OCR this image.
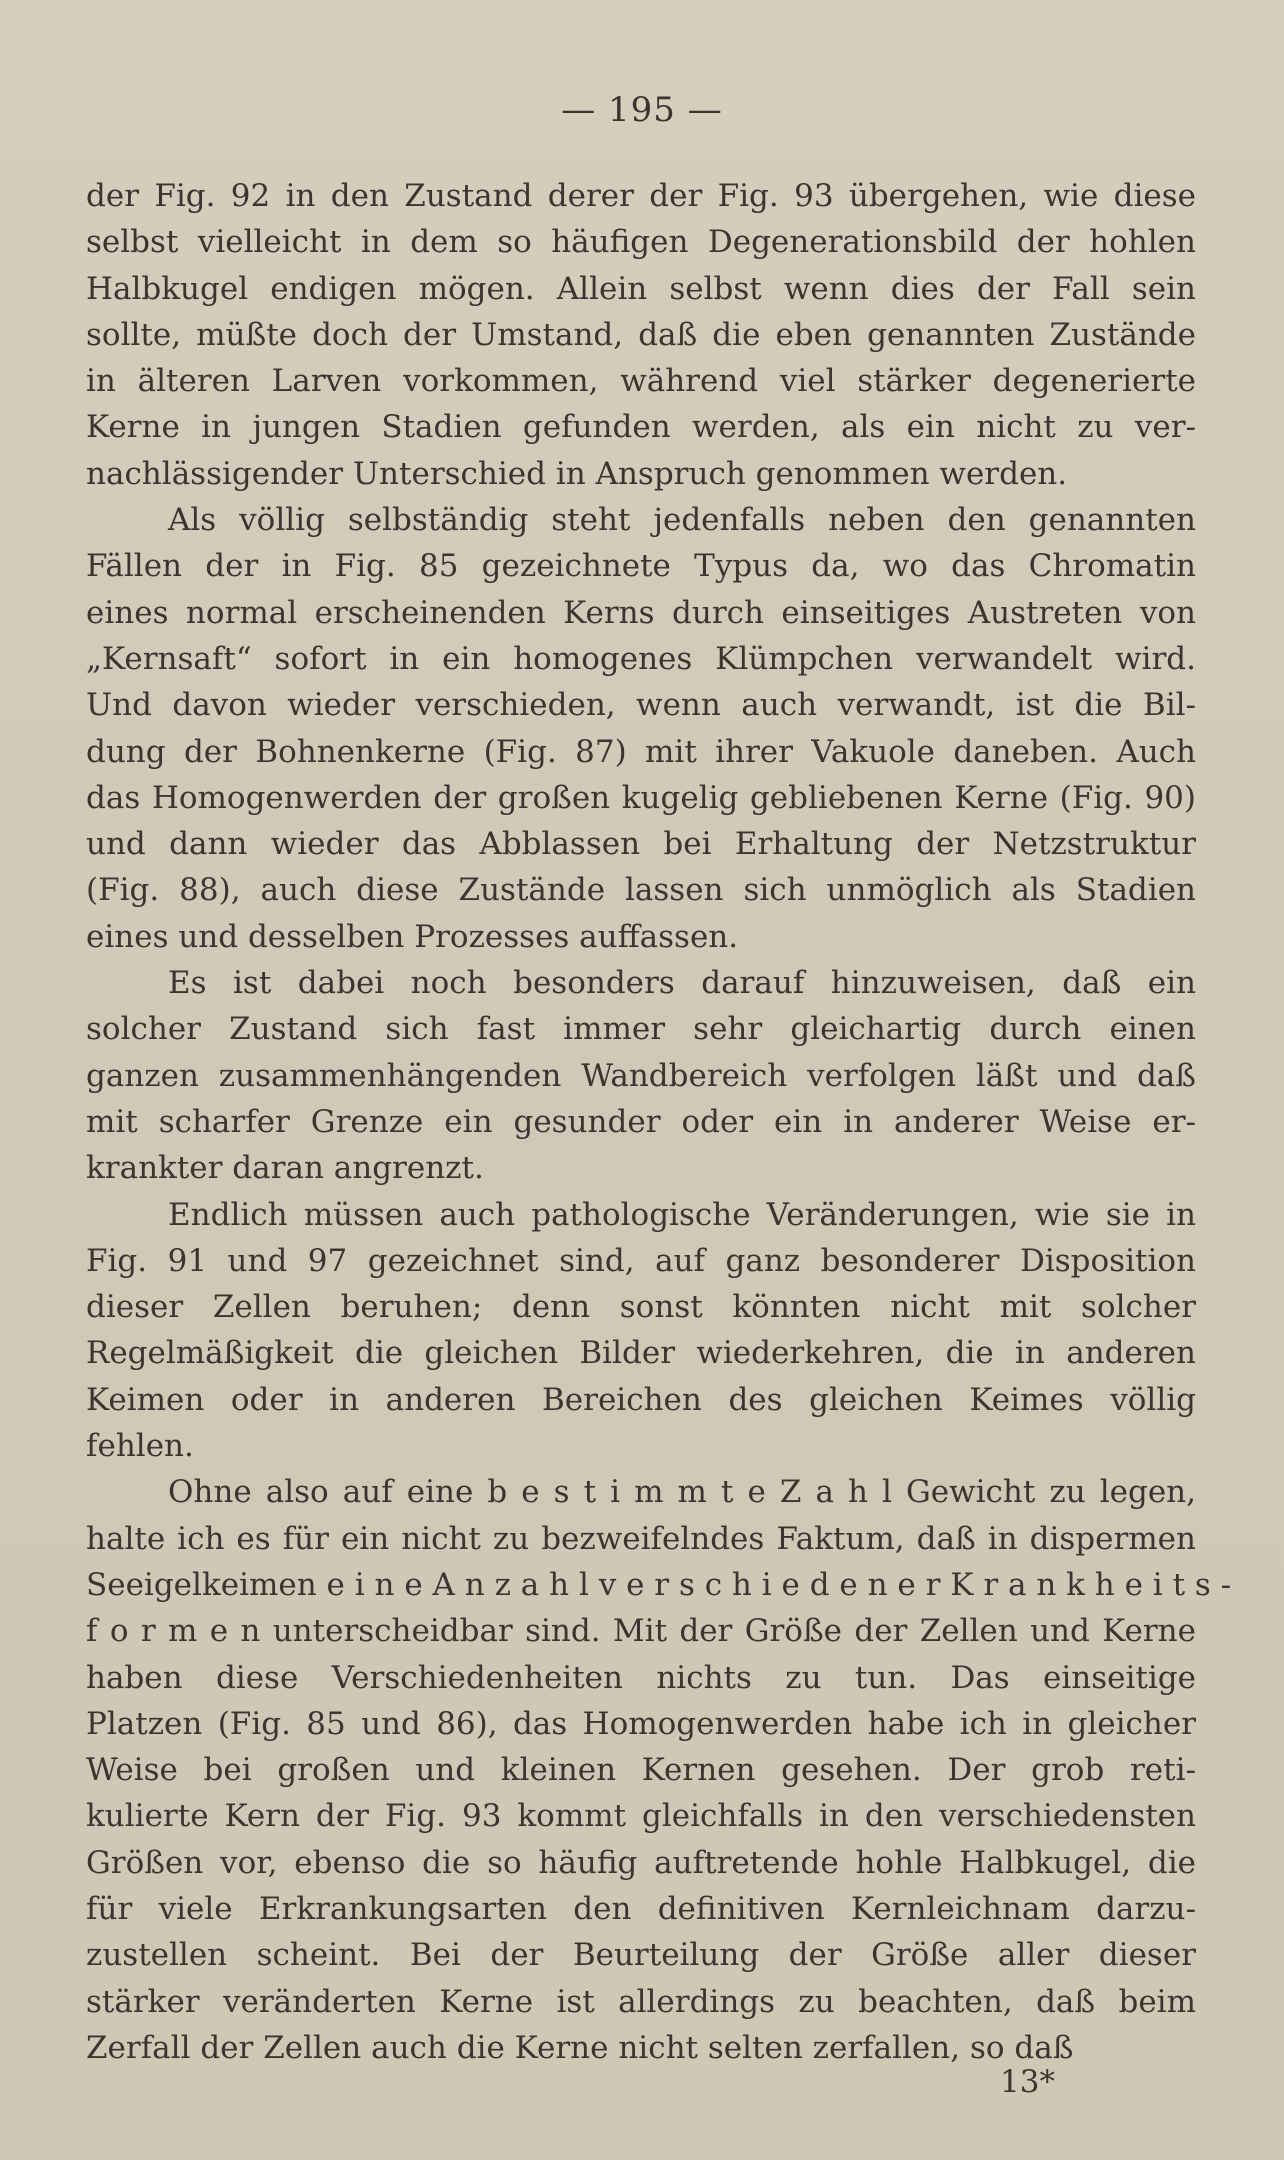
— 195 —
der Fig. 92 in den Zustand derer der Fig. 93 übergehen, wie diese
selbst vielleicht in dem so häufigen Degenerationsbild der hohlen
Halbkugel endigen mögen. Allein selbst wenn dies der Fall sein
sollte, müßte doch der Umstand, daß die eben genannten Zustände
in älteren Larven vorkommen, während viel stärker degenerierte
Kerne in jungen Stadien gefunden werden, als ein nicht zu ver-
nachlässigender Unterschied in Anspruch genommen werden.
Als völlig selbständig steht jedenfalls neben den genannten
Fällen der in Fig. 85 gezeichnete Typus da, wo das Chromatin
eines normal erscheinenden Kerns durch einseitiges Austreten von
„Kernsaft“ sofort in ein homogenes Klümpchen verwandelt wird.
Und davon wieder verschieden, wenn auch verwandt, ist die Bil-
dung der Bohnenkerne (Fig. 87) mit ihrer Vakuole daneben. Auch
das Homogenwerden der großen kugelig gebliebenen Kerne (Fig. 90)
und dann wieder das Abblassen bei Erhaltung der Netzstruktur
(Fig. 88), auch diese Zustände lassen sich unmöglich als Stadien
eines und desselben Prozesses auffassen.
Es ist dabei noch besonders darauf hinzuweisen, daß ein
solcher Zustand sich fast immer sehr gleichartig durch einen
ganzen zusammenhängenden Wandbereich verfolgen läßt und daß
mit scharfer Grenze ein gesunder oder ein in anderer Weise er-
krankter daran angrenzt.
Endlich müssen auch pathologische Veränderungen, wie sie in
Fig. 91 und 97 gezeichnet sind, auf ganz besonderer Disposition
dieser Zellen beruhen; denn sonst könnten nicht mit solcher
Regelmäßigkeit die gleichen Bilder wiederkehren, die in anderen
Keimen oder in anderen Bereichen des gleichen Keimes völlig
fehlen.
Ohne also auf eine b e s t i m m t e Z a h l Gewicht zu legen,
halte ich es für ein nicht zu bezweifelndes Faktum, daß in dispermen
Seeigelkeimen e i n e A n z a h l v e r s c h i e d e n e r K r a n k h e i t s -
f o r m e n unterscheidbar sind. Mit der Größe der Zellen und Kerne
haben diese Verschiedenheiten nichts zu tun. Das einseitige
Platzen (Fig. 85 und 86), das Homogenwerden habe ich in gleicher
Weise bei großen und kleinen Kernen gesehen. Der grob reti-
kulierte Kern der Fig. 93 kommt gleichfalls in den verschiedensten
Größen vor, ebenso die so häufig auftretende hohle Halbkugel, die
für viele Erkrankungsarten den definitiven Kernleichnam darzu-
zustellen scheint. Bei der Beurteilung der Größe aller dieser
stärker veränderten Kerne ist allerdings zu beachten, daß beim
Zerfall der Zellen auch die Kerne nicht selten zerfallen, so daß
13*
